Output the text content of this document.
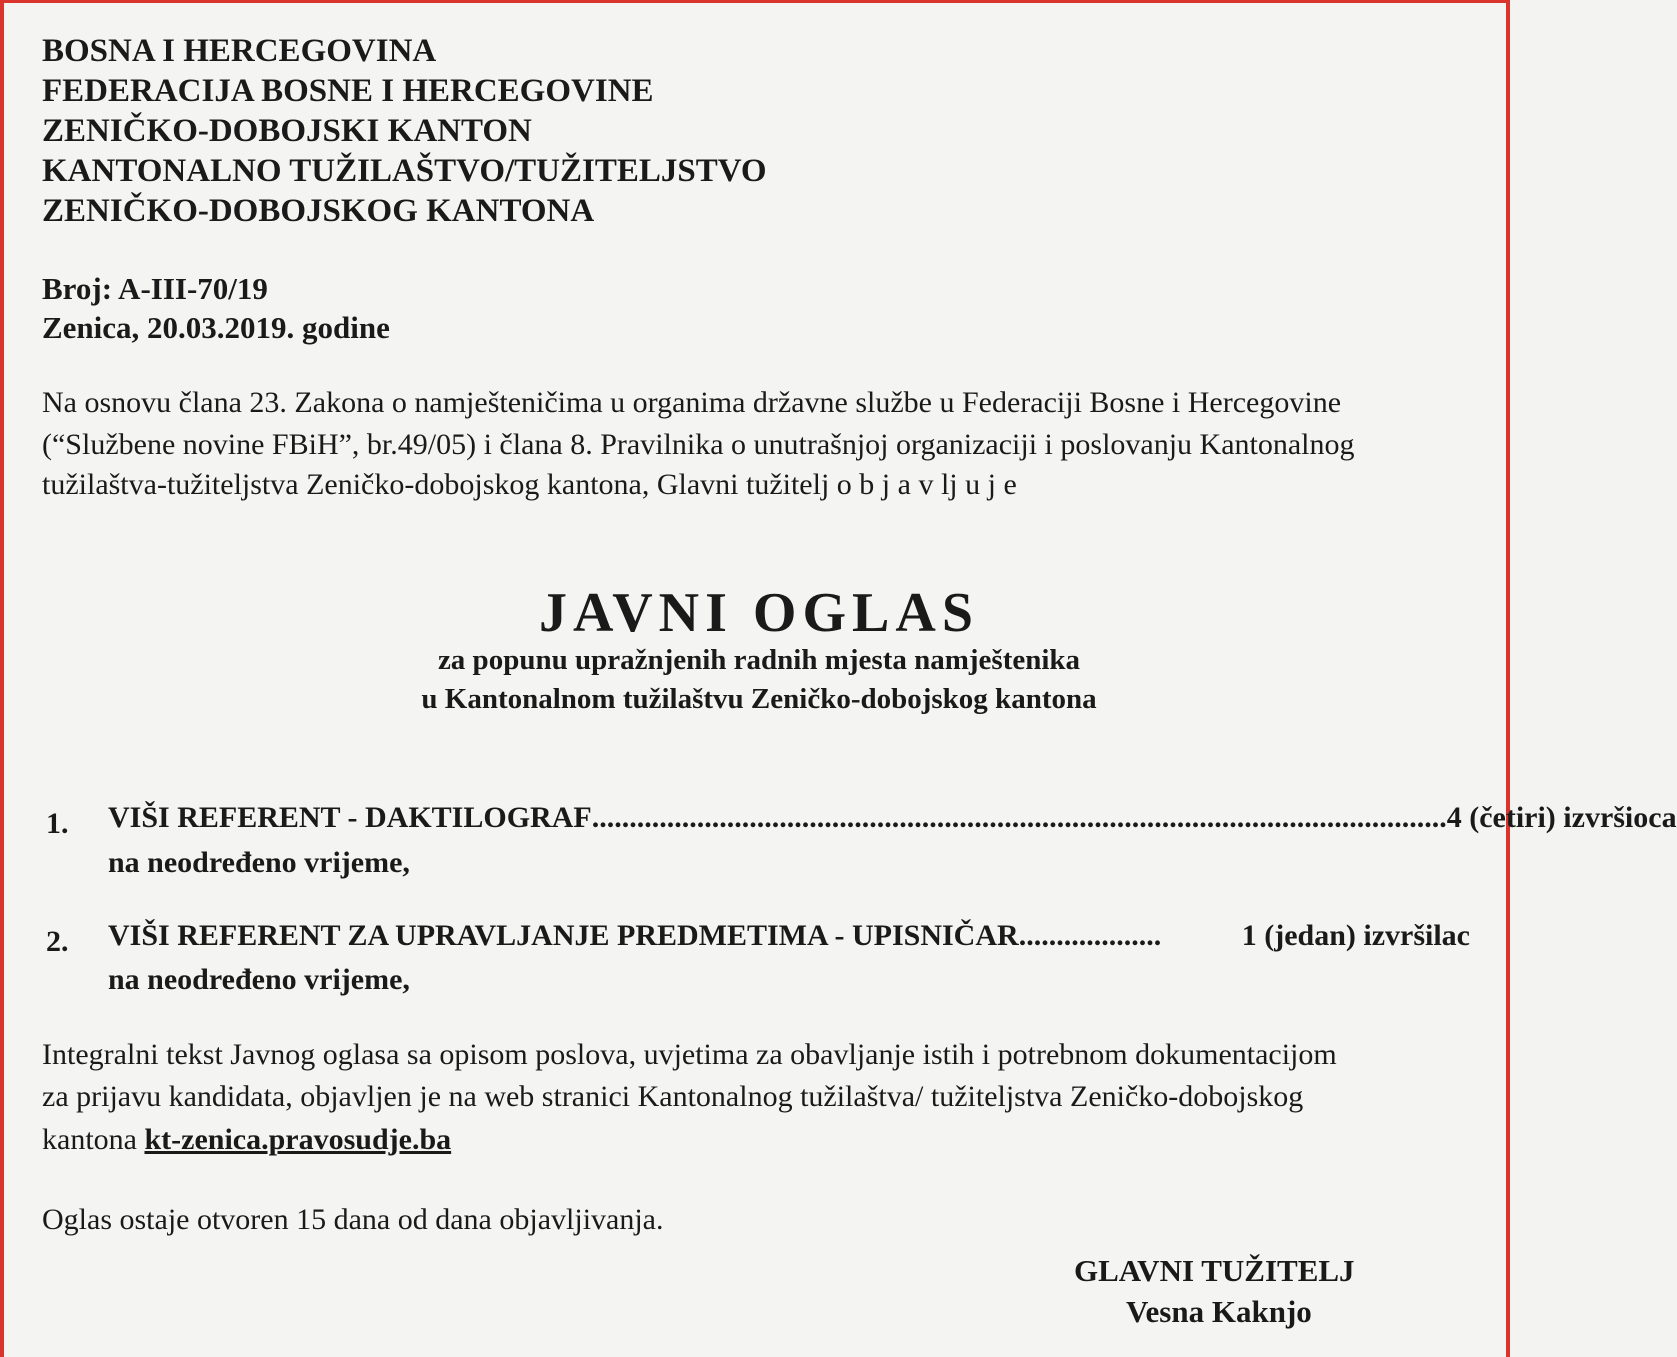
BOSNA I HERCEGOVINA

FEDERACIJA BOSNE I HERCEGOVINE

ZENIČKO-DOBOJSKI KANTON

KANTONALNO TUŽILAŠTVO/TUŽITELJSTVO

ZENIČKO-DOBOJSKOG KANTONA

Broj: A-III-70/19

Zenica, 20.03.2019. godine

Na osnovu člana 23. Zakona o namješteničima u organima državne službe u Federaciji Bosne i Hercegovine

(“Službene novine FBiH”, br.49/05) i člana 8. Pravilnika o unutrašnjoj organizaciji i poslovanju Kantonalnog

tužilaštva-tužiteljstva Zeničko-dobojskog kantona, Glavni tužitelj o b j a v lj u j e

JAVNI OGLAS

za popunu upražnjenih radnih mjesta namještenika

u Kantonalnom tužilaštvu Zeničko-dobojskog kantona

1. VIŠI REFERENT - DAKTILOGRAF .................................................................................................................. 4 (četiri) izvršioca

na neodređeno vrijeme,

2. VIŠI REFERENT ZA UPRAVLJANJE PREDMETIMA - UPISNIČAR ...................	1 (jedan) izvršilac

na neodređeno vrijeme,

Integralni tekst Javnog oglasa sa opisom poslova, uvjetima za obavljanje istih i potrebnom dokumentacijom

za prijavu kandidata, objavljen je na web stranici Kantonalnog tužilaštva/ tužiteljstva Zeničko-dobojskog

kantona kt-zenica.pravosudje.ba

Oglas ostaje otvoren 15 dana od dana objavljivanja.

GLAVNI TUŽITELJ

Vesna Kaknjo
